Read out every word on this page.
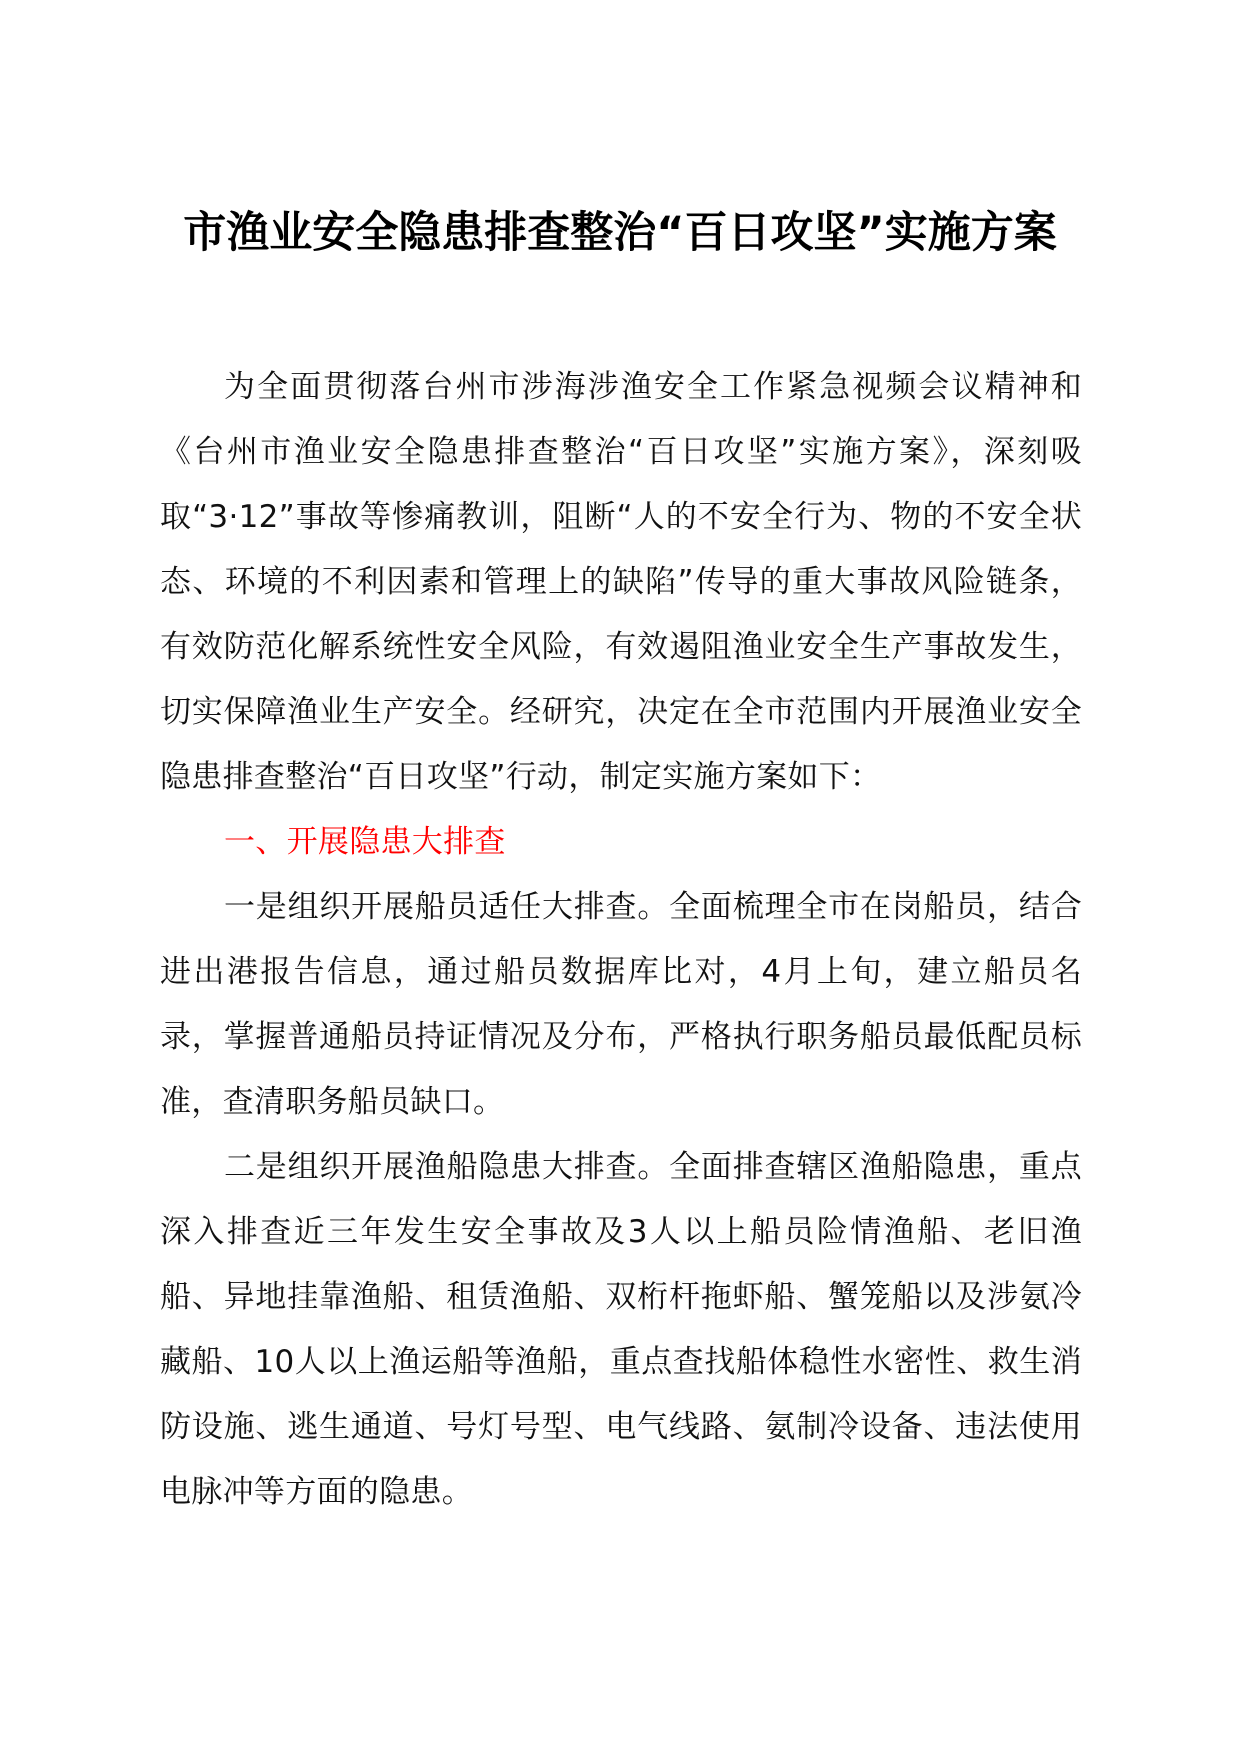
市渔业安全隐患排查整治“百日攻坚”实施方案

为全面贯彻落台州市涉海涉渔安全工作紧急视频会议精神和《台州市渔业安全隐患排查整治“百日攻坚”实施方案》，深刻吸取“3·12”事故等惨痛教训，阻断“人的不安全行为、物的不安全状态、环境的不利因素和管理上的缺陷”传导的重大事故风险链条，有效防范化解系统性安全风险，有效遏阻渔业安全生产事故发生，切实保障渔业生产安全。经研究，决定在全市范围内开展渔业安全隐患排查整治“百日攻坚”行动，制定实施方案如下：

一、开展隐患大排查

一是组织开展船员适任大排查。全面梳理全市在岗船员，结合进出港报告信息，通过船员数据库比对，4月上旬，建立船员名录，掌握普通船员持证情况及分布，严格执行职务船员最低配员标准，查清职务船员缺口。

二是组织开展渔船隐患大排查。全面排查辖区渔船隐患，重点深入排查近三年发生安全事故及3人以上船员险情渔船、老旧渔船、异地挂靠渔船、租赁渔船、双桁杆拖虾船、蟹笼船以及涉氨冷藏船、10人以上渔运船等渔船，重点查找船体稳性水密性、救生消防设施、逃生通道、号灯号型、电气线路、氨制冷设备、违法使用电脉冲等方面的隐患。
